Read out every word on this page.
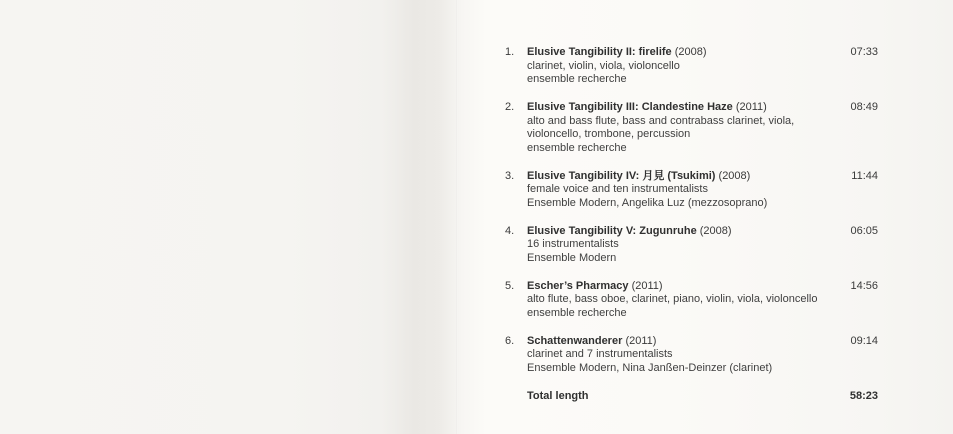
1.	Elusive Tangibility II: firelife (2008)

clarinet, violin, viola, violoncello

ensemble recherche

07:33
2.	Elusive Tangibility III: Clandestine Haze (2011)

alto and bass flute, bass and contrabass clarinet, viola,

violoncello, trombone, percussion

ensemble recherche

08:49
3.	Elusive Tangibility IV: 月見 (Tsukimi) (2008)

female voice and ten instrumentalists

Ensemble Modern, Angelika Luz (mezzosoprano)

11:44
4.	Elusive Tangibility V: Zugunruhe (2008)

16 instrumentalists

Ensemble Modern

06:05
5.	Escher’s Pharmacy (2011)

alto flute, bass oboe, clarinet, piano, violin, viola, violoncello

ensemble recherche

14:56
6.	Schattenwanderer (2011)

clarinet and 7 instrumentalists

Ensemble Modern, Nina Janßen-Deinzer (clarinet)

09:14
Total length	58:23
